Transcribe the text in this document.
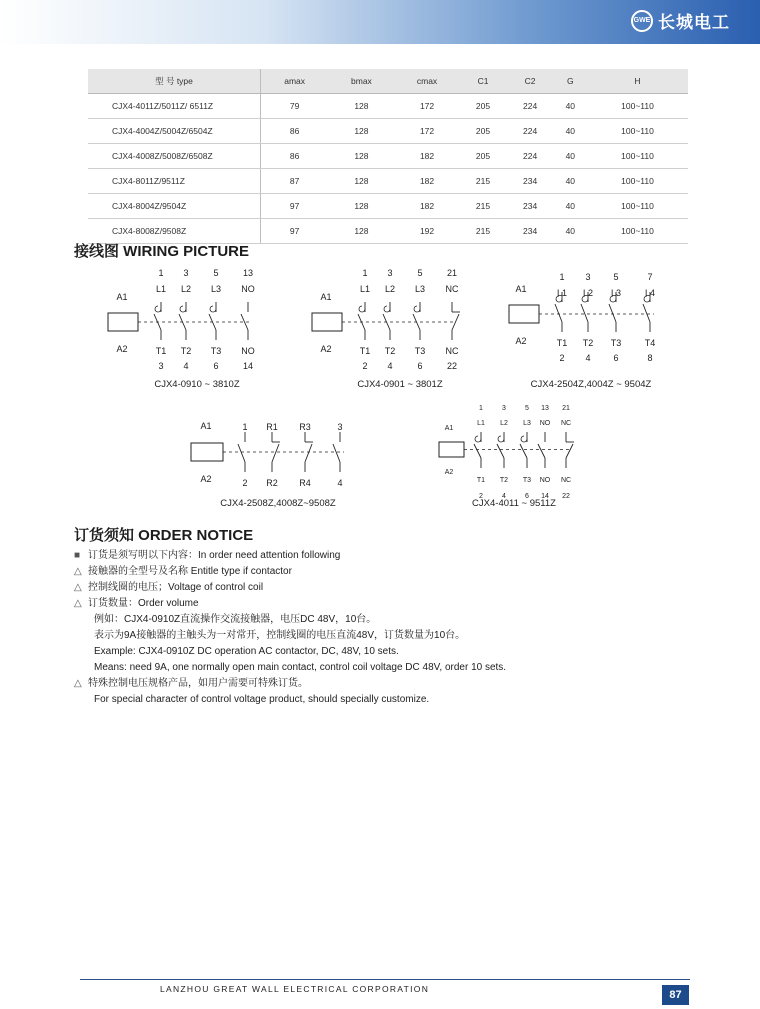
GWE 长城电工
型 号 type	amax	bmax	cmax	C1	C2	G	H
CJX4-4011Z/5011Z/ 6511Z	79	128	172	205	224	40	100~110
CJX4-4004Z/5004Z/6504Z	86	128	172	205	224	40	100~110
CJX4-4008Z/5008Z/6508Z	86	128	182	205	224	40	100~110
CJX4-8011Z/9511Z	87	128	182	215	234	40	100~110
CJX4-8004Z/9504Z	97	128	182	215	234	40	100~110
CJX4-8008Z/9508Z	97	128	192	215	234	40	100~110
接线图 WIRING PICTURE
A1
A2
1
L1
T1
3
3
L2
T2
4
5
L3
T3
6
13
NO
NO
14
CJX4-0910 ~ 3810Z
A1
A2
1
L1
T1
2
3
L2
T2
4
5
L3
T3
6
21
NC
NC
22
CJX4-0901 ~ 3801Z
A1
A2
1
L1
T1
2
3
L2
T2
4
5
L3
T3
6
7
L4
T4
8
CJX4-2504Z,4004Z ~ 9504Z
A1
A2
1
2
R1
R2
R3
R4
3
4
CJX4-2508Z,4008Z~9508Z
A1
A2
1
L1
T1
2
3
L2
T2
4
5
L3
T3
6
13
NO
NO
14
21
NC
NC
22
CJX4-4011 ~ 9511Z
订货须知 ORDER NOTICE
■ 订货是须写明以下内容：In order need attention following
△ 接触器的全型号及名称 Entitle type if contactor
△ 控制线圈的电压；Voltage of control coil
△ 订货数量：Order volume
例如：CJX4-0910Z直流操作交流接触器，电压DC 48V，10台。
表示为9A接触器的主触头为一对常开，控制线圈的电压直流48V，订货数量为10台。
Example: CJX4-0910Z DC operation AC contactor, DC, 48V, 10 sets.
Means: need 9A, one normally open main contact, control coil voltage DC 48V, order 10 sets.
△ 特殊控制电压规格产品，如用户需要可特殊订货。
For special character of control voltage product, should specially customize.
LANZHOU GREAT WALL ELECTRICAL CORPORATION	87
